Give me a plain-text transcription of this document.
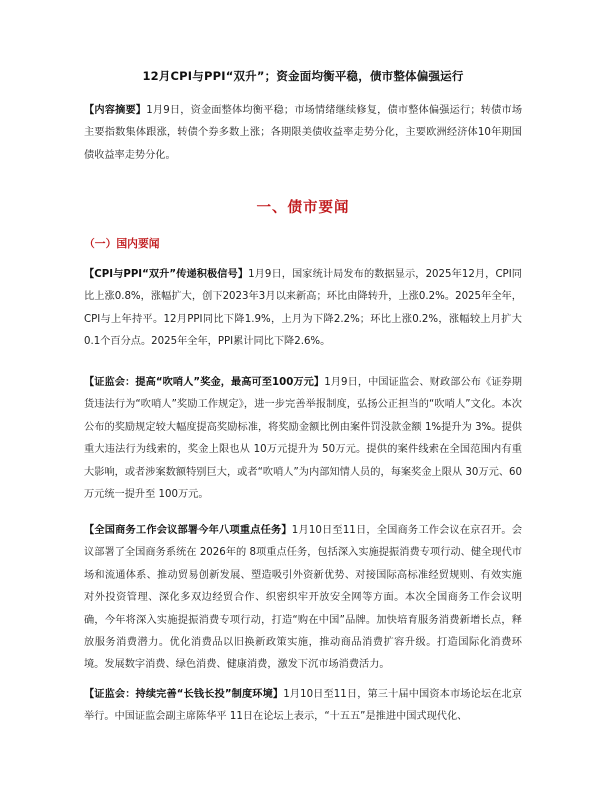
12月CPI与PPI“双升”；资金面均衡平稳，债市整体偏强运行
【内容摘要】1月9日，资金面整体均衡平稳；市场情绪继续修复，债市整体偏强运行；转债市场主要指数集体跟涨，转债个券多数上涨；各期限美债收益率走势分化，主要欧洲经济体10年期国债收益率走势分化。
一、债市要闻
（一）国内要闻
【CPI与PPI“双升”传递积极信号】1月9日，国家统计局发布的数据显示，2025年12月，CPI同比上涨0.8%，涨幅扩大，创下2023年3月以来新高；环比由降转升，上涨0.2%。2025年全年，CPI与上年持平。12月PPI同比下降1.9%，上月为下降2.2%；环比上涨0.2%，涨幅较上月扩大0.1个百分点。2025年全年，PPI累计同比下降2.6%。
【证监会：提高“吹哨人”奖金，最高可至100万元】1月9日，中国证监会、财政部公布《证券期货违法行为“吹哨人”奖励工作规定》，进一步完善举报制度，弘扬公正担当的“吹哨人”文化。本次公布的奖励规定较大幅度提高奖励标准，将奖励金额比例由案件罚没款金额 1%提升为 3%。提供重大违法行为线索的，奖金上限也从 10万元提升为 50万元。提供的案件线索在全国范围内有重大影响，或者涉案数额特别巨大，或者“吹哨人”为内部知情人员的，每案奖金上限从 30万元、60万元统一提升至 100万元。
【全国商务工作会议部署今年八项重点任务】1月10日至11日，全国商务工作会议在京召开。会议部署了全国商务系统在 2026年的 8项重点任务，包括深入实施提振消费专项行动、健全现代市场和流通体系、推动贸易创新发展、塑造吸引外资新优势、对接国际高标准经贸规则、有效实施对外投资管理、深化多双边经贸合作、织密织牢开放安全网等方面。本次全国商务工作会议明确，今年将深入实施提振消费专项行动，打造“购在中国”品牌。加快培育服务消费新增长点，释放服务消费潜力。优化消费品以旧换新政策实施，推动商品消费扩容升级。打造国际化消费环境。发展数字消费、绿色消费、健康消费，激发下沉市场消费活力。
【证监会：持续完善“长钱长投”制度环境】1月10日至11日，第三十届中国资本市场论坛在北京举行。中国证监会副主席陈华平 11日在论坛上表示，“十五五”是推进中国式现代化、
